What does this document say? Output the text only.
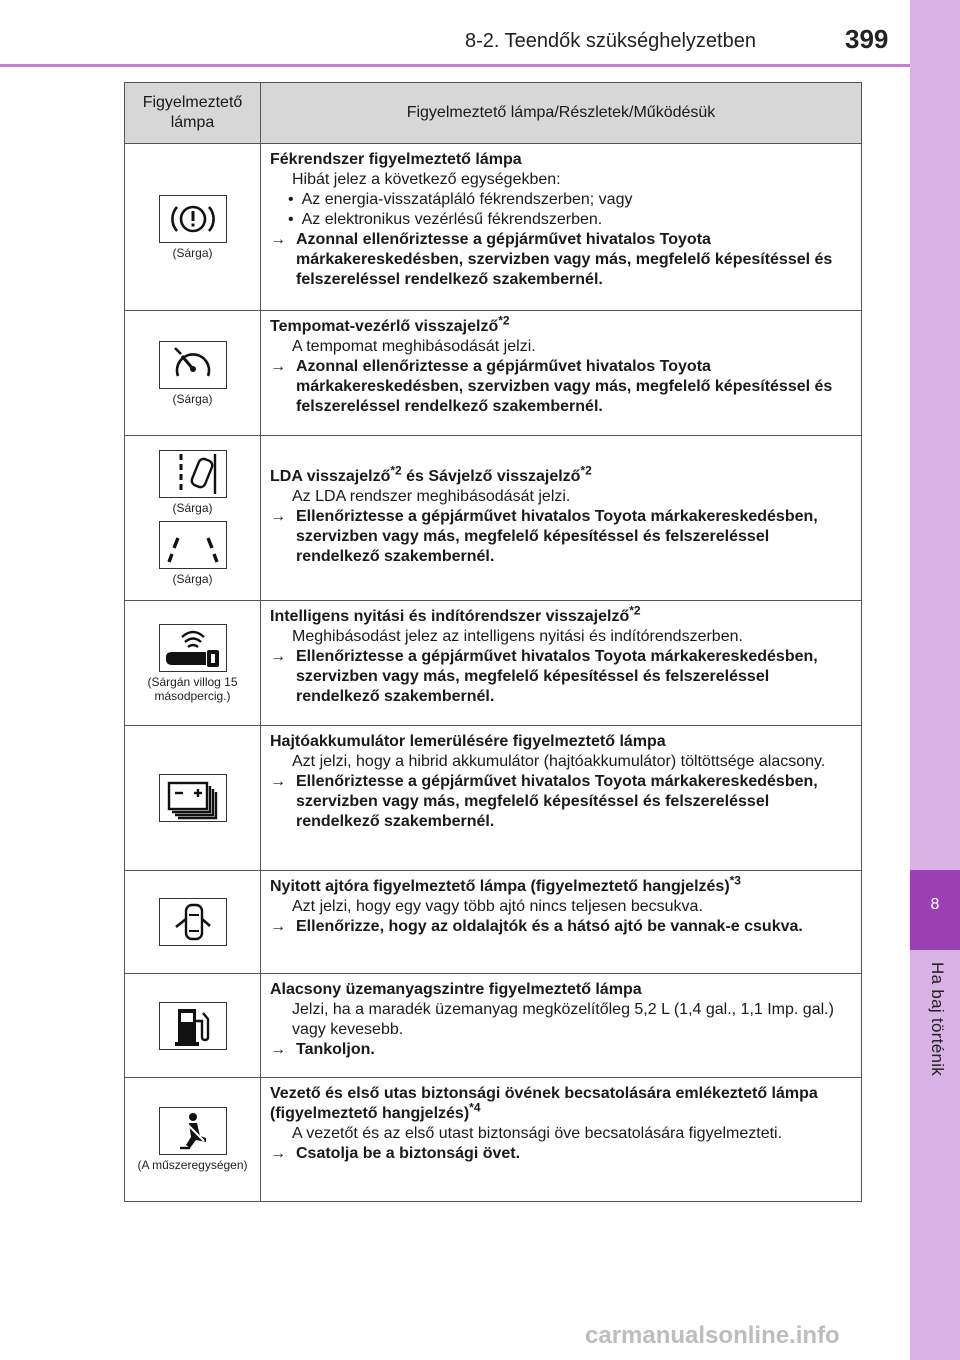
8-2. Teendők szükséghelyzetben	399
8
Ha baj történik
Figyelmeztető lámpa	Figyelmeztető lámpa/Részletek/Működésük

(Sárga)	Fékrendszer figyelmeztető lámpa
Hibát jelez a következő egységekben:
• Az energia-visszatápláló fékrendszerben; vagy
• Az elektronikus vezérlésű fékrendszerben.
→ Azonnal ellenőriztesse a gépjárművet hivatalos Toyota márkakereskedésben, szervizben vagy más, megfelelő képesítéssel és felszereléssel rendelkező szakembernél.

(Sárga)	Tempomat-vezérlő visszajelző$^{*2}$
A tempomat meghibásodását jelzi.
→ Azonnal ellenőriztesse a gépjárművet hivatalos Toyota márkakereskedésben, szervizben vagy más, megfelelő képesítéssel és felszereléssel rendelkező szakembernél.

(Sárga)
(Sárga)	LDA visszajelző$^{*2}$ és Sávjelző visszajelző$^{*2}$
Az LDA rendszer meghibásodását jelzi.
→ Ellenőriztesse a gépjárművet hivatalos Toyota márkakereskedésben, szervizben vagy más, megfelelő képesítéssel és felszereléssel rendelkező szakembernél.

(Sárgán villog 15 másodpercig.)	Intelligens nyitási és indítórendszer visszajelző$^{*2}$
Meghibásodást jelez az intelligens nyitási és indítórendszerben.
→ Ellenőriztesse a gépjárművet hivatalos Toyota márkakereskedésben, szervizben vagy más, megfelelő képesítéssel és felszereléssel rendelkező szakembernél.

	Hajtóakkumulátor lemerülésére figyelmeztető lámpa
Azt jelzi, hogy a hibrid akkumulátor (hajtóakkumulátor) töltöttsége alacsony.
→ Ellenőriztesse a gépjárművet hivatalos Toyota márkakereskedésben, szervizben vagy más, megfelelő képesítéssel és felszereléssel rendelkező szakembernél.

	Nyitott ajtóra figyelmeztető lámpa (figyelmeztető hangjelzés)$^{*3}$
Azt jelzi, hogy egy vagy több ajtó nincs teljesen becsukva.
→ Ellenőrizze, hogy az oldalajtók és a hátsó ajtó be vannak-e csukva.

	Alacsony üzemanyagszintre figyelmeztető lámpa
Jelzi, ha a maradék üzemanyag megközelítőleg 5,2 L (1,4 gal., 1,1 Imp. gal.) vagy kevesebb.
→ Tankoljon.

(A műszeregységen)	Vezető és első utas biztonsági övének becsatolására emlékeztető lámpa (figyelmeztető hangjelzés)$^{*4}$
A vezetőt és az első utast biztonsági öve becsatolására figyelmezteti.
→ Csatolja be a biztonsági övet.
carmanualsonline.info
